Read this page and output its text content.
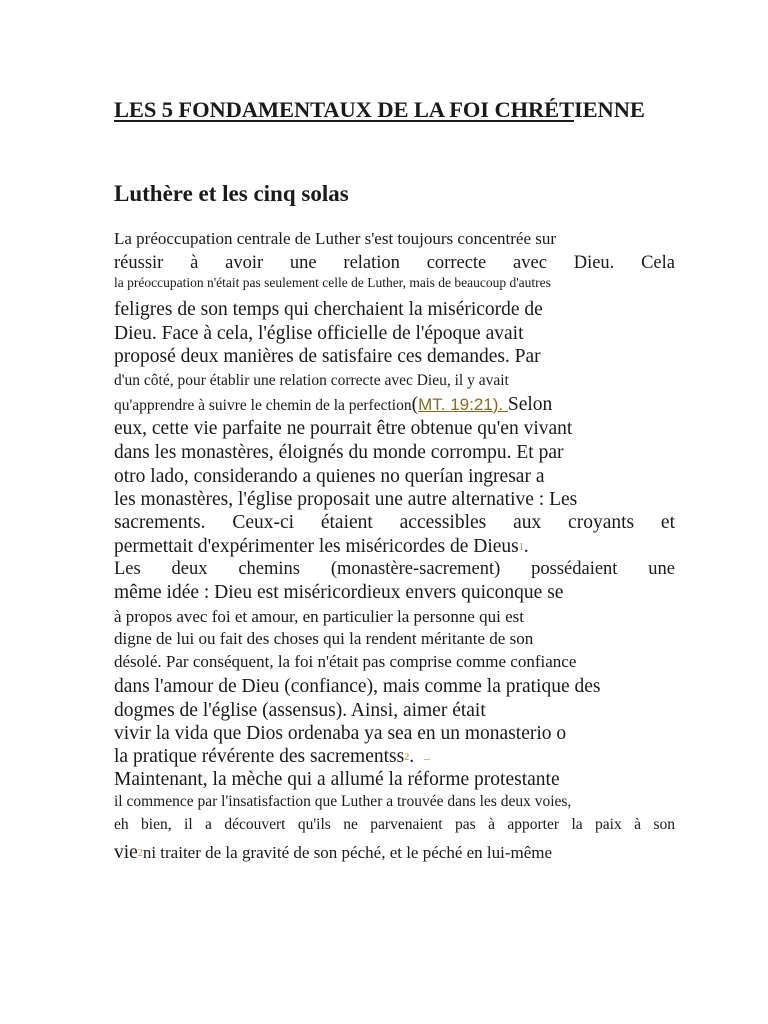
LES 5 FONDAMENTAUX DE LA FOI CHRÉTIENNE
Luthère et les cinq solas
La préoccupation centrale de Luther s'est toujours concentrée sur
réussir à avoir une relation correcte avec Dieu. Cela
la préoccupation n'était pas seulement celle de Luther, mais de beaucoup d'autres
feligres de son temps qui cherchaient la miséricorde de
Dieu. Face à cela, l'église officielle de l'époque avait
proposé deux manières de satisfaire ces demandes. Par
d'un côté, pour établir une relation correcte avec Dieu, il y avait
qu'apprendre à suivre le chemin de la perfection(MT. 19:21). Selon
eux, cette vie parfaite ne pourrait être obtenue qu'en vivant
dans les monastères, éloignés du monde corrompu. Et par
otro lado, considerando a quienes no querían ingresar a
les monastères, l'église proposait une autre alternative : Les
sacrements. Ceux-ci étaient accessibles aux croyants et
permettait d'expérimenter les miséricordes de Dieus1.
Les deux chemins (monastère-sacrement) possédaient une
même idée : Dieu est miséricordieux envers quiconque se
à propos avec foi et amour, en particulier la personne qui est
digne de lui ou fait des choses qui la rendent méritante de son
désolé. Par conséquent, la foi n'était pas comprise comme confiance
dans l'amour de Dieu (confiance), mais comme la pratique des
dogmes de l'église (assensus). Ainsi, aimer était
vivir la vida que Dios ordenaba ya sea en un monasterio o
la pratique révérente des sacrementss2. –
Maintenant, la mèche qui a allumé la réforme protestante
il commence par l'insatisfaction que Luther a trouvée dans les deux voies,
eh bien, il a découvert qu'ils ne parvenaient pas à apporter la paix à son
vie2ni traiter de la gravité de son péché, et le péché en lui-même
